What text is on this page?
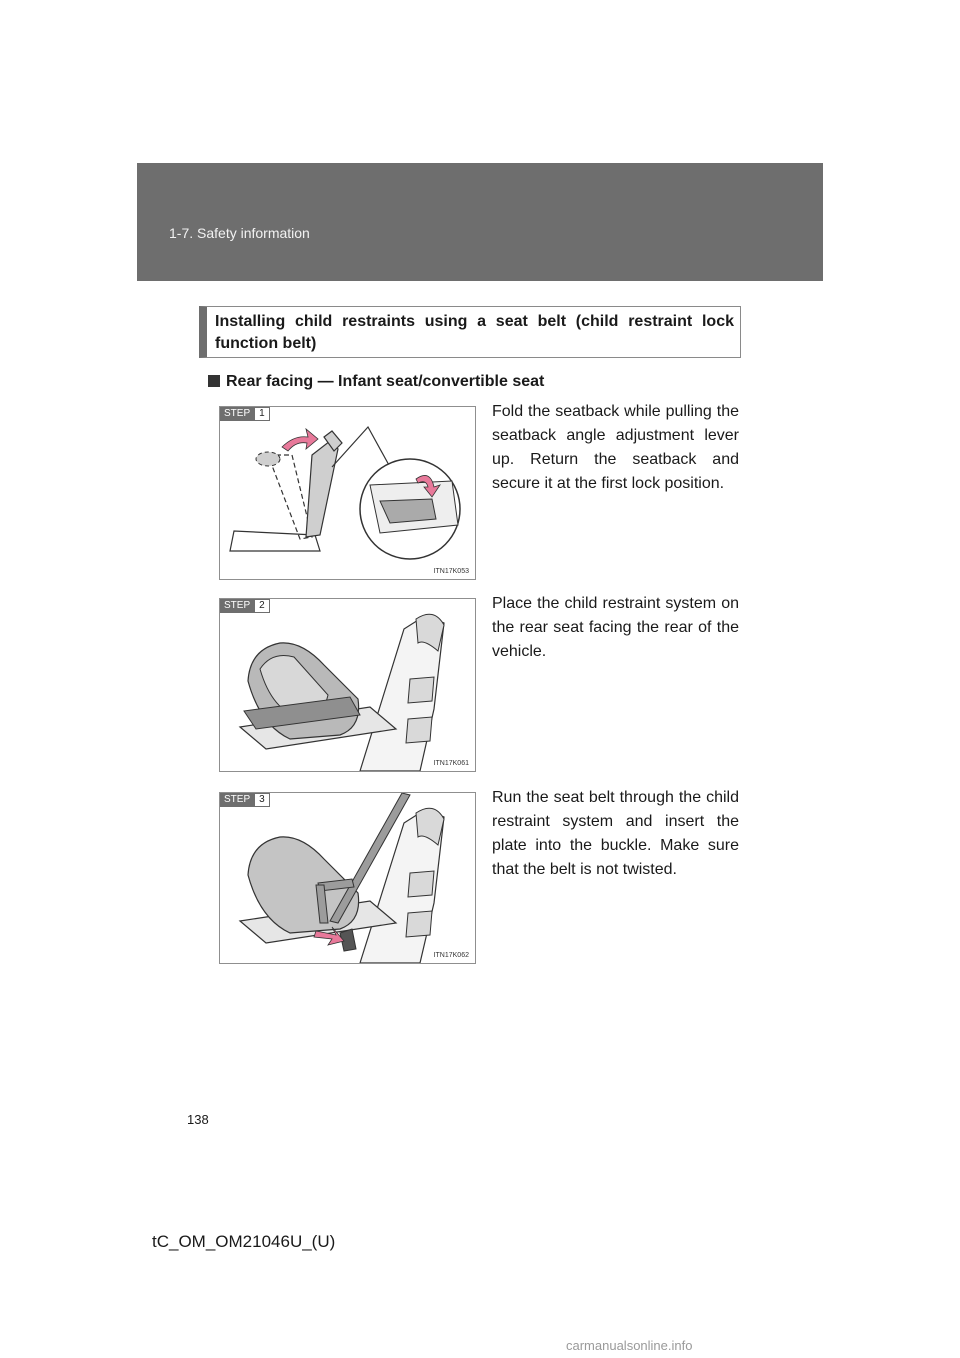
1-7. Safety information
Installing child restraints using a seat belt (child restraint lock function belt)
Rear facing — Infant seat/convertible seat
STEP 1
ITN17K053
Fold the seatback while pulling the seatback angle adjustment lever up. Return the seatback and secure it at the first lock position.
STEP 2
ITN17K061
Place the child restraint system on the rear seat facing the rear of the vehicle.
STEP 3
ITN17K062
Run the seat belt through the child restraint system and insert the plate into the buckle. Make sure that the belt is not twisted.
138
tC_OM_OM21046U_(U)
carmanualsonline.info
